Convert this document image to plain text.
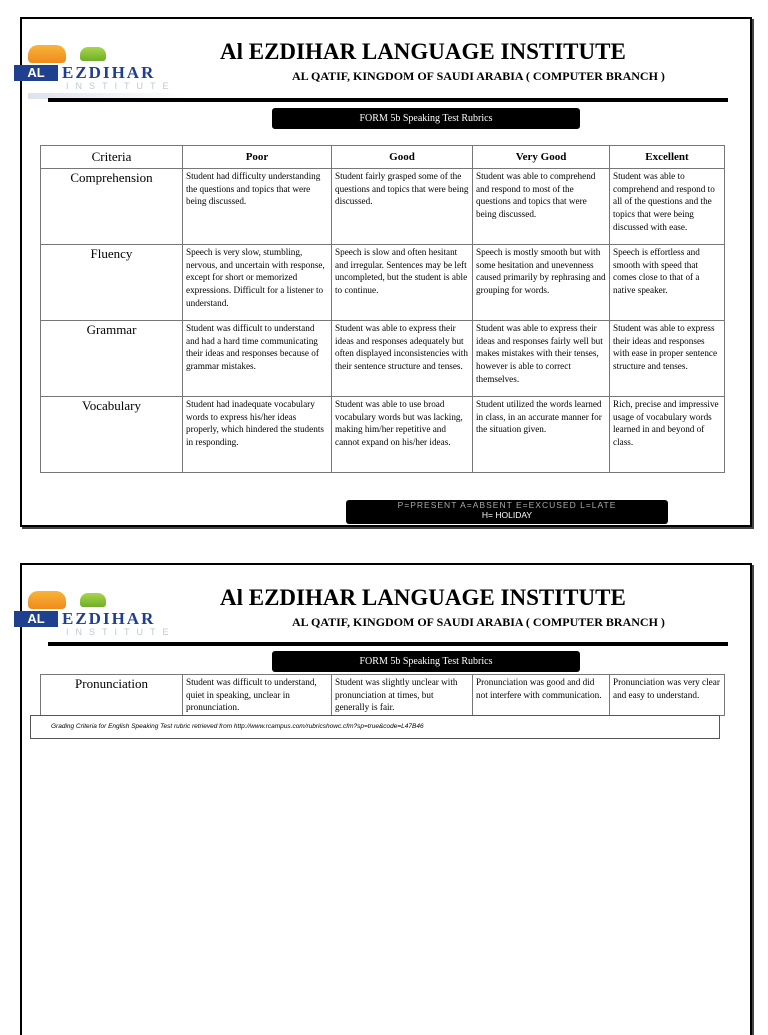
AL	EZDIHAR
INSTITUTE
Al EZDIHAR LANGUAGE INSTITUTE
AL QATIF, KINGDOM OF SAUDI ARABIA ( COMPUTER BRANCH )
FORM 5b Speaking Test Rubrics
Criteria	Poor	Good	Very Good	Excellent
Comprehension	Student had difficulty understanding the questions and topics that were being discussed.	Student fairly grasped some of the questions and topics that were being discussed.	Student was able to comprehend and respond to most of the questions and topics that were being discussed.	Student was able to comprehend and respond to all of the questions and the topics that were being discussed with ease.
Fluency	Speech is very slow, stumbling, nervous, and uncertain with response, except for short or memorized expressions. Difficult for a listener to understand.	Speech is slow and often hesitant and irregular. Sentences may be left uncompleted, but the student is able to continue.	Speech is mostly smooth but with some hesitation and unevenness caused primarily by rephrasing and grouping for words.	Speech is effortless and smooth with speed that comes close to that of a native speaker.
Grammar	Student was difficult to understand and had a hard time communicating their ideas and responses because of grammar mistakes.	Student was able to express their ideas and responses adequately but often displayed inconsistencies with their sentence structure and tenses.	Student was able to express their ideas and responses fairly well but makes mistakes with their tenses, however is able to correct themselves.	Student was able to express their ideas and responses with ease in proper sentence structure and tenses.
Vocabulary	Student had inadequate vocabulary words to express his/her ideas properly, which hindered the students in responding.	Student was able to use broad vocabulary words but was lacking, making him/her repetitive and cannot expand on his/her ideas.	Student utilized the words learned in class, in an accurate manner for the situation given.	Rich, precise and impressive usage of vocabulary words learned in and beyond of class.
P=PRESENT A=ABSENT E=EXCUSED L=LATE
H= HOLIDAY
AL	EZDIHAR
INSTITUTE
Al EZDIHAR LANGUAGE INSTITUTE
AL QATIF, KINGDOM OF SAUDI ARABIA ( COMPUTER BRANCH )
FORM 5b Speaking Test Rubrics
Pronunciation	Student was difficult to understand, quiet in speaking, unclear in pronunciation.	Student was slightly unclear with pronunciation at times, but generally is fair.	Pronunciation was good and did not interfere with communication.	Pronunciation was very clear and easy to understand.
Grading Criteria for English Speaking Test rubric retrieved from http://www.rcampus.com/rubricshowc.cfm?sp=true&code=L47B46
